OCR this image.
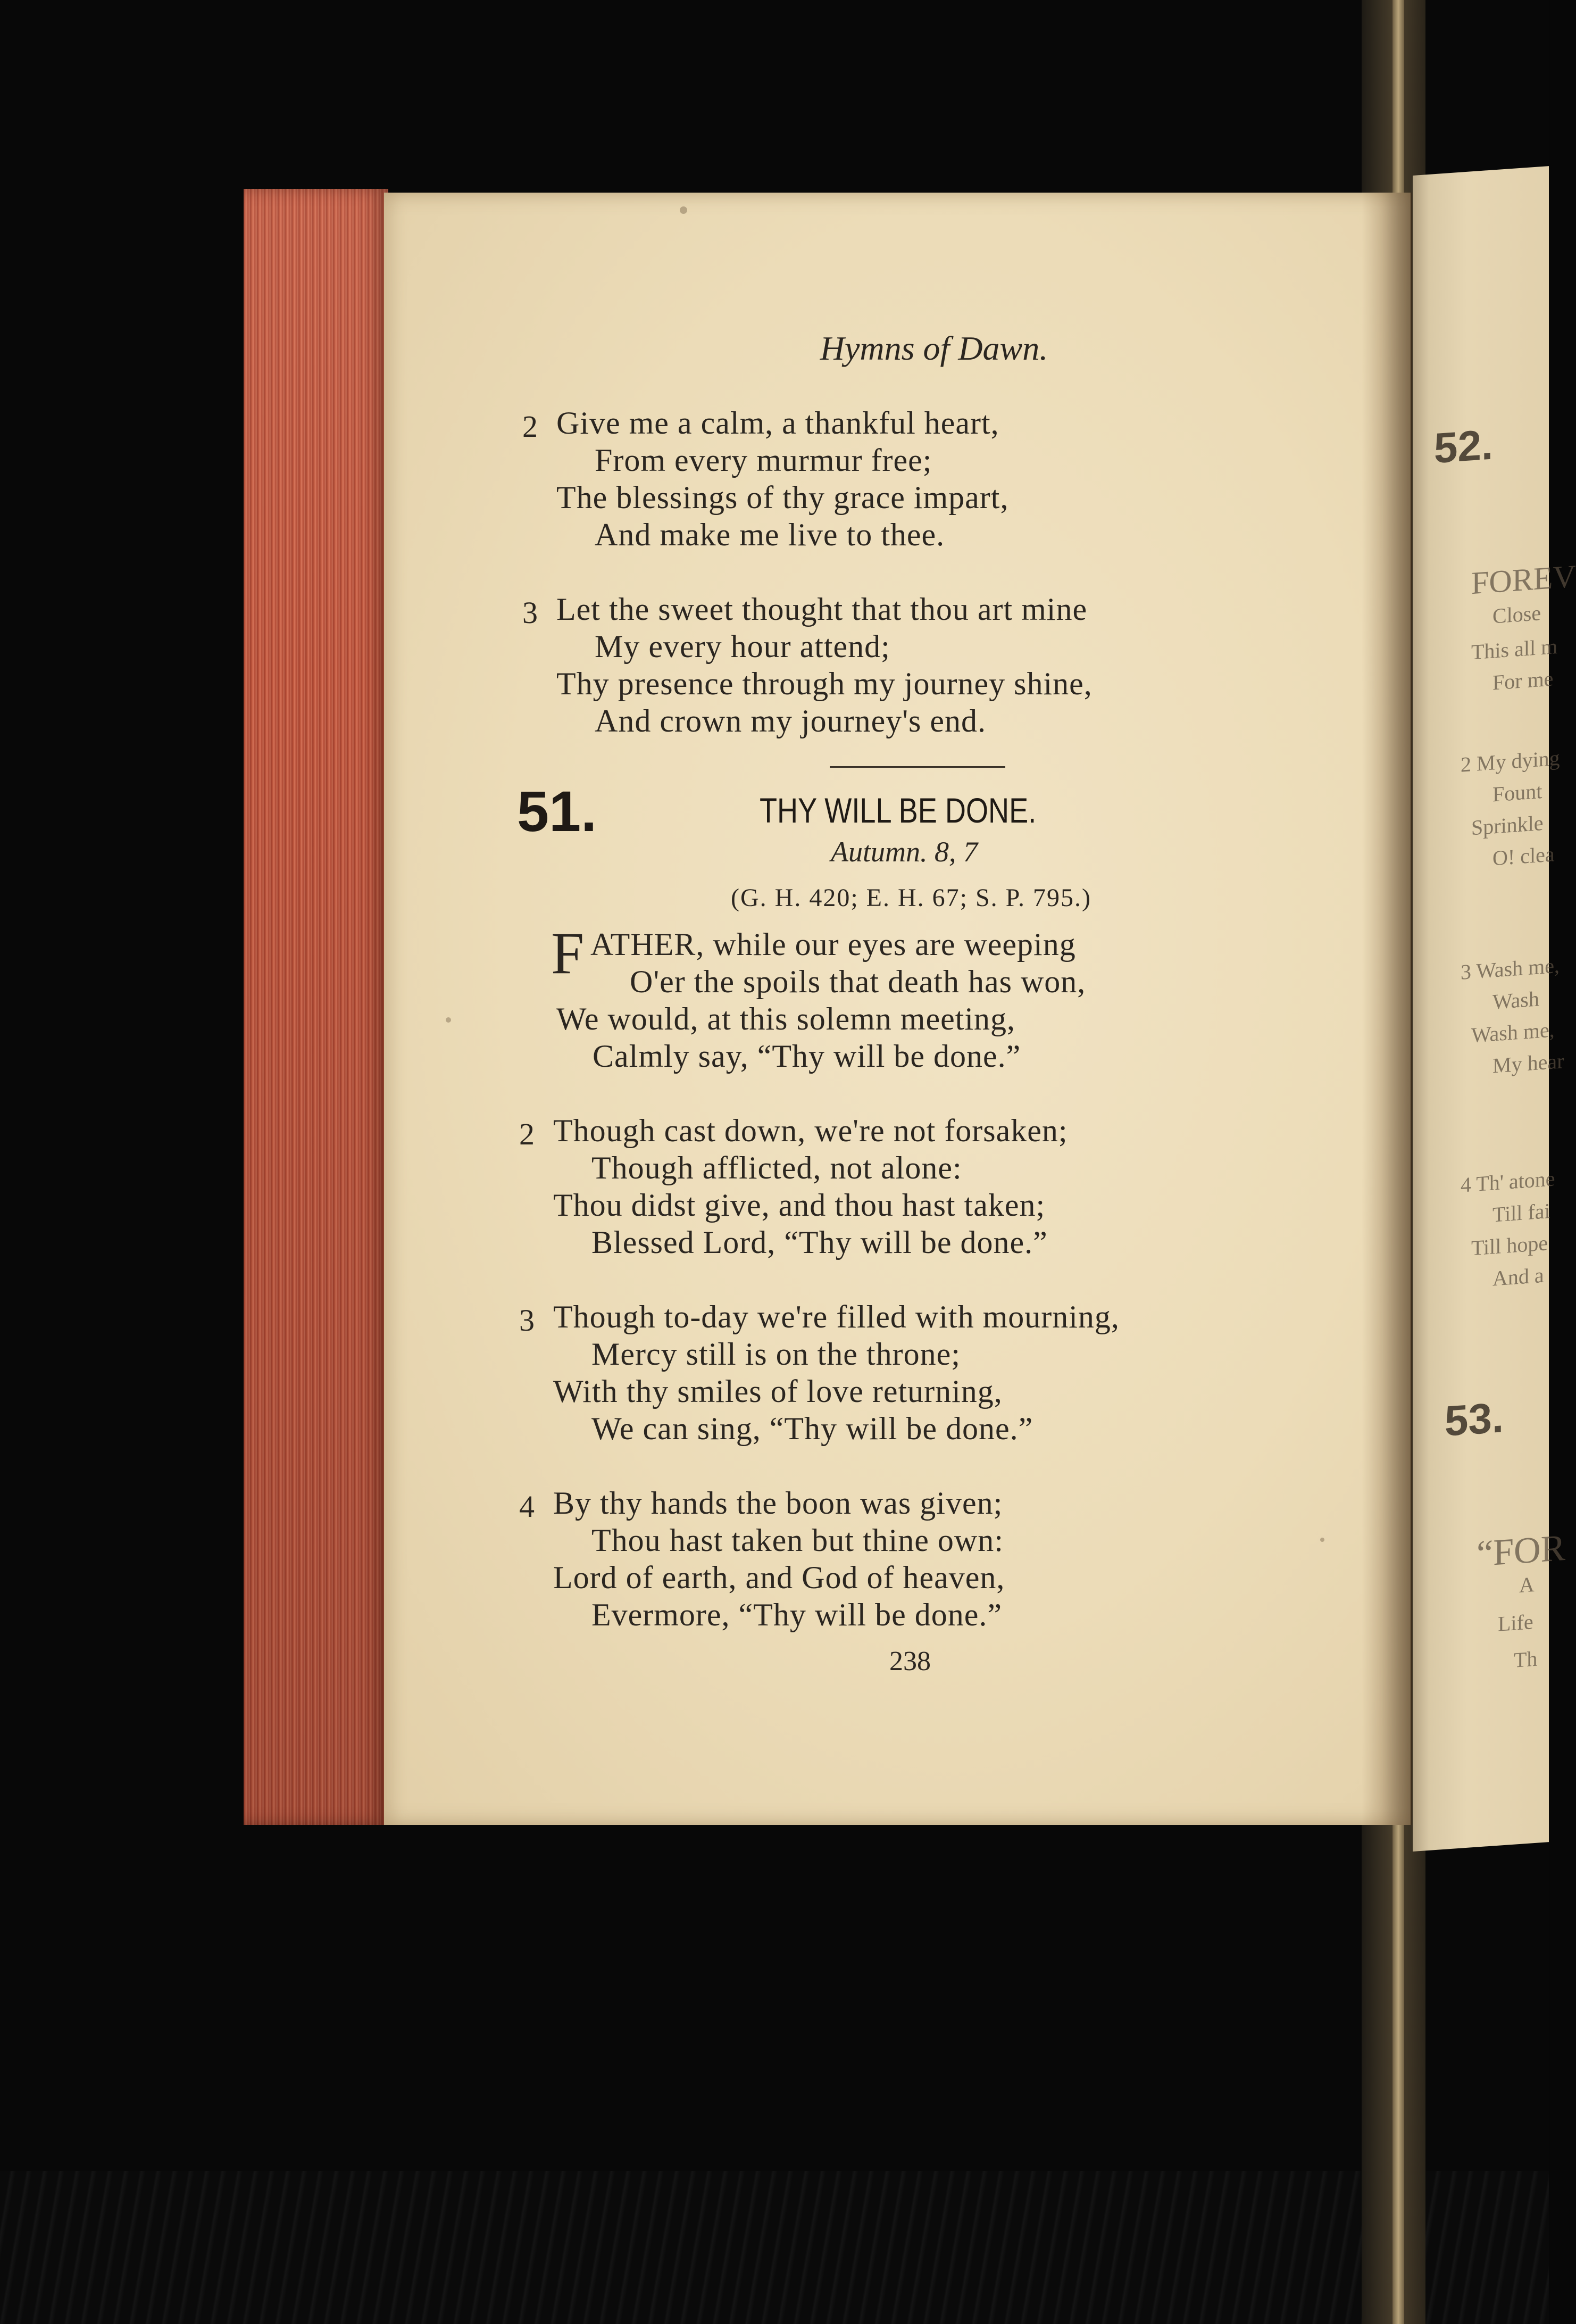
52.
FOREV
Close
This all m
For me
2 My dying
Fount
Sprinkle
O! clea
3 Wash me,
Wash
Wash me,
My hear
4 Th' atone
Till fai
Till hope
And a
53.
“FOR
A
Life
Th
Hymns of Dawn.
2 Give me a calm, a thankful heart,
From every murmur free;
The blessings of thy grace impart,
And make me live to thee.
3 Let the sweet thought that thou art mine
My every hour attend;
Thy presence through my journey shine,
And crown my journey's end.
51.	THY WILL BE DONE.
Autumn. 8, 7
(G. H. 420; E. H. 67; S. P. 795.)
F ATHER, while our eyes are weeping
O'er the spoils that death has won,
We would, at this solemn meeting,
Calmly say, “Thy will be done.”
2 Though cast down, we're not forsaken;
Though afflicted, not alone:
Thou didst give, and thou hast taken;
Blessed Lord, “Thy will be done.”
3 Though to-day we're filled with mourning,
Mercy still is on the throne;
With thy smiles of love returning,
We can sing, “Thy will be done.”
4 By thy hands the boon was given;
Thou hast taken but thine own:
Lord of earth, and God of heaven,
Evermore, “Thy will be done.”
238
